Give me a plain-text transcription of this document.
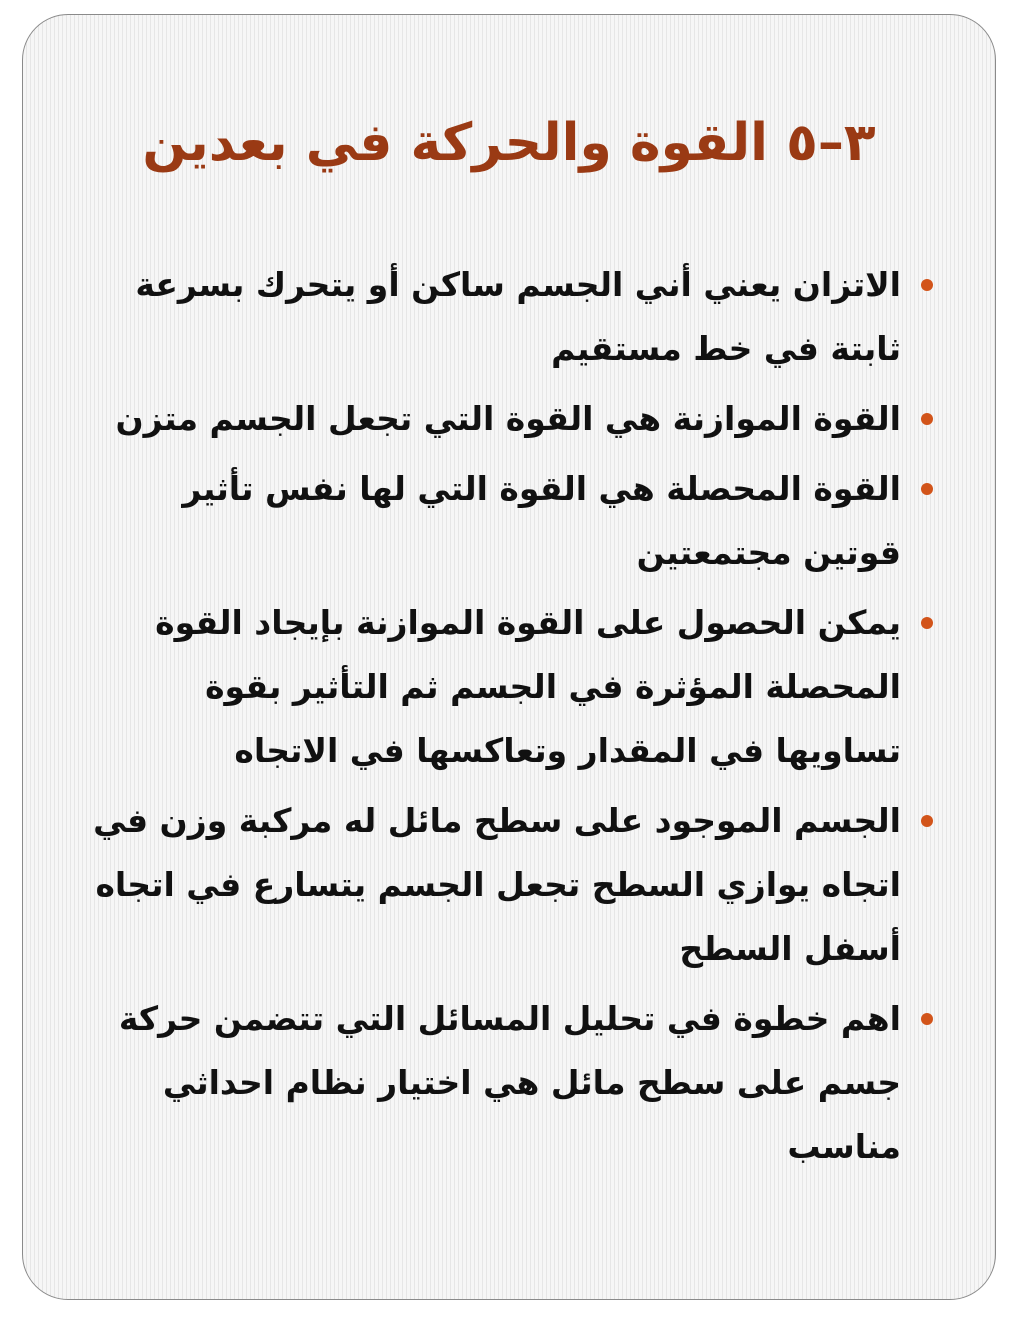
٣–٥ القوة والحركة في بعدين
الاتزان يعني أني الجسم ساكن أو يتحرك بسرعة ثابتة في خط مستقيم
القوة الموازنة هي القوة التي تجعل الجسم متزن
القوة المحصلة هي القوة التي لها نفس تأثير قوتين مجتمعتين
يمكن الحصول على القوة الموازنة بإيجاد القوة المحصلة المؤثرة في الجسم ثم التأثير بقوة تساويها في المقدار وتعاكسها في الاتجاه
الجسم الموجود على سطح مائل له مركبة وزن في اتجاه يوازي السطح تجعل الجسم يتسارع في اتجاه أسفل السطح
اهم خطوة في تحليل المسائل التي تتضمن حركة جسم على سطح مائل هي اختيار نظام احداثي مناسب
